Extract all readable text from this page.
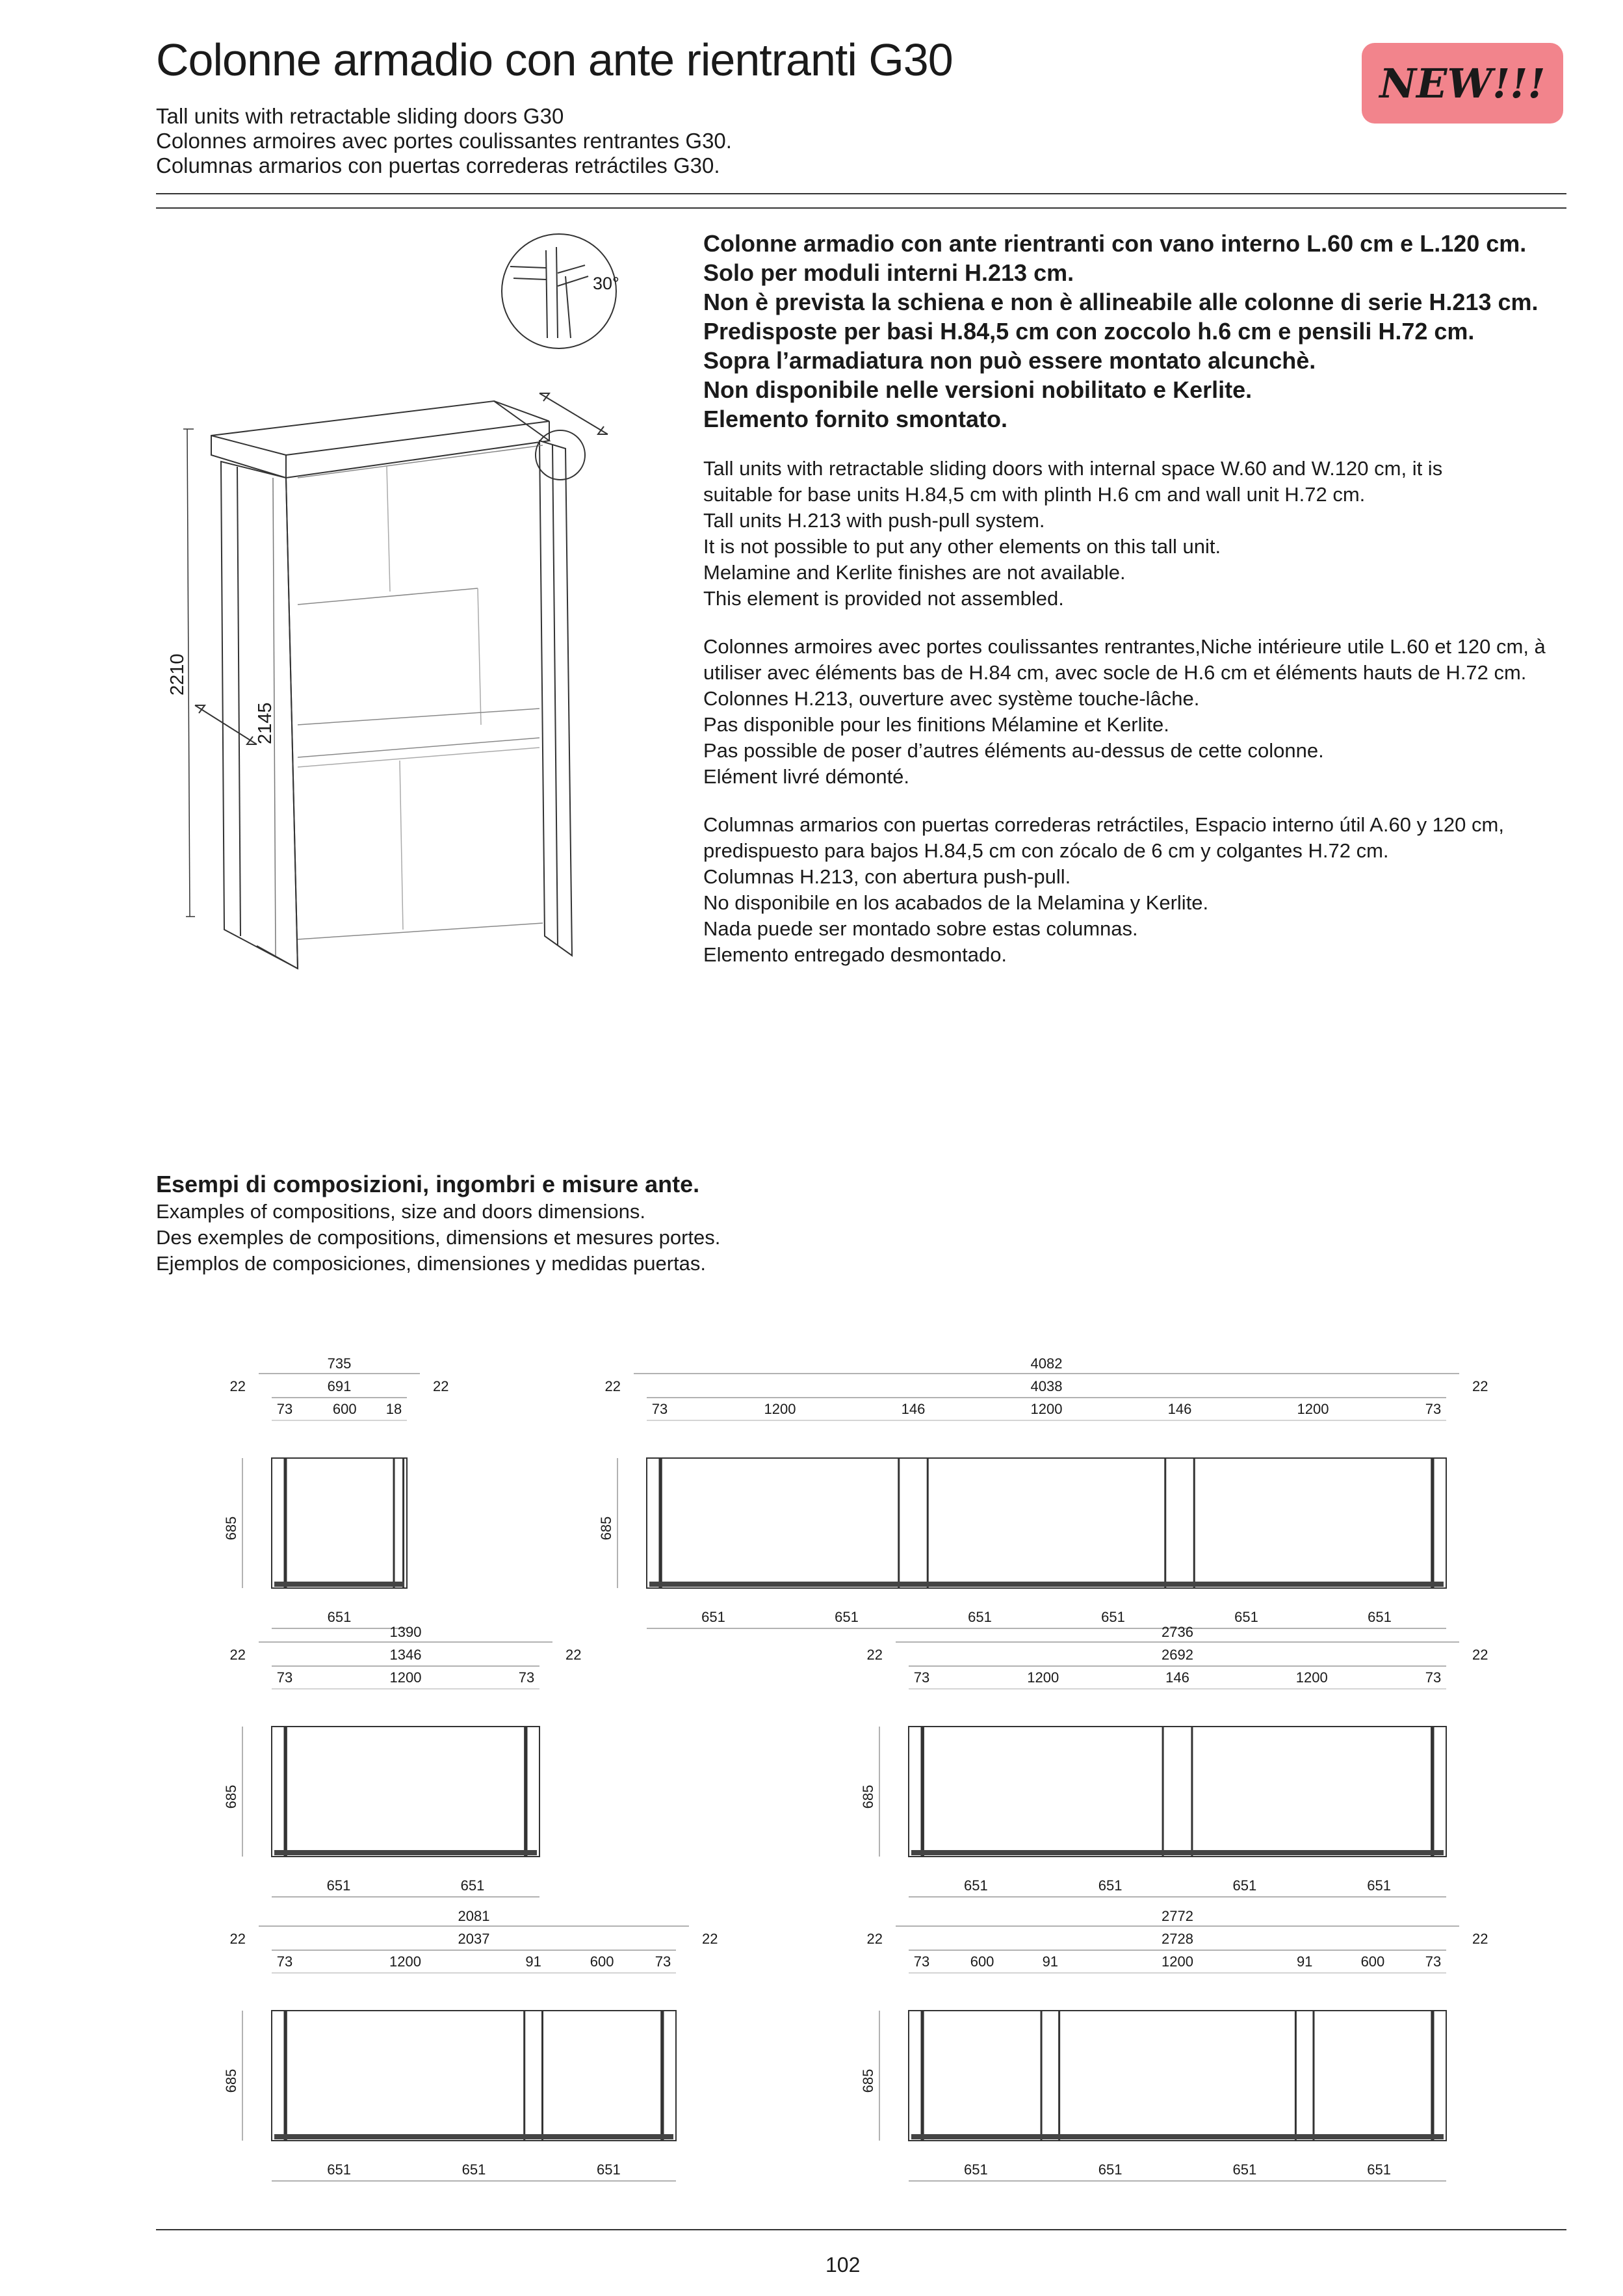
Colonne armadio con ante rientranti G30
Tall units with retractable sliding doors G30
Colonnes armoires avec portes coulissantes rentrantes G30.
Columnas armarios con puertas correderas retráctiles G30.
NEW!!!
Colonne armadio con ante rientranti con vano interno L.60 cm e L.120 cm.
Solo per moduli interni H.213 cm.
Non è prevista la schiena e non è allineabile alle colonne di serie H.213 cm.
Predisposte per basi H.84,5 cm con zoccolo h.6 cm e pensili H.72 cm.
Sopra l’armadiatura non può essere montato alcunchè.
Non disponibile nelle versioni nobilitato e Kerlite.
Elemento fornito smontato.
Tall units with retractable sliding doors with internal space W.60 and W.120 cm, it is
suitable for base units H.84,5 cm with plinth H.6 cm and wall unit H.72 cm.
Tall units H.213 with push-pull system.
It is not possible to put any other elements on this tall unit.
Melamine and Kerlite finishes are not available.
This element is provided not assembled.
Colonnes armoires avec portes coulissantes rentrantes,Niche intérieure utile L.60 et 120 cm, à
utiliser avec éléments bas de H.84 cm, avec socle de H.6 cm et éléments hauts de H.72 cm.
Colonnes H.213, ouverture avec système touche-lâche.
Pas disponible pour les finitions Mélamine et Kerlite.
Pas possible de poser d’autres éléments au-dessus de cette colonne.
Elément livré démonté.
Columnas armarios con puertas correderas retráctiles, Espacio interno útil A.60 y 120 cm,
predispuesto para bajos H.84,5 cm con zócalo de 6 cm y colgantes H.72 cm.
Columnas H.213, con abertura push-pull.
No disponibile en los acabados de la Melamina y Kerlite.
Nada puede ser montado sobre estas columnas.
Elemento entregado desmontado.
Esempi di composizioni, ingombri e misure ante.
Examples of compositions, size and doors dimensions.
Des exemples de compositions, dimensions et mesures portes.
Ejemplos de composiciones, dimensiones y medidas puertas.
30°
2210
2145
735
691
22	22
73	600 18
685
651
4082
4038
22	22
73	1200	146	1200	146	1200	73
685
651	651	651	651	651	651
1390
1346
22	22
73	1200	73
685
651	651
2736
2692
22	22
73	1200	146	1200	73
685
651	651	651	651
2081
2037
22	22
73	1200	91	600	73
685
651	651	651
2772
2728
22	22
73	600	91	1200	91	600	73
685
651	651	651	651
102
